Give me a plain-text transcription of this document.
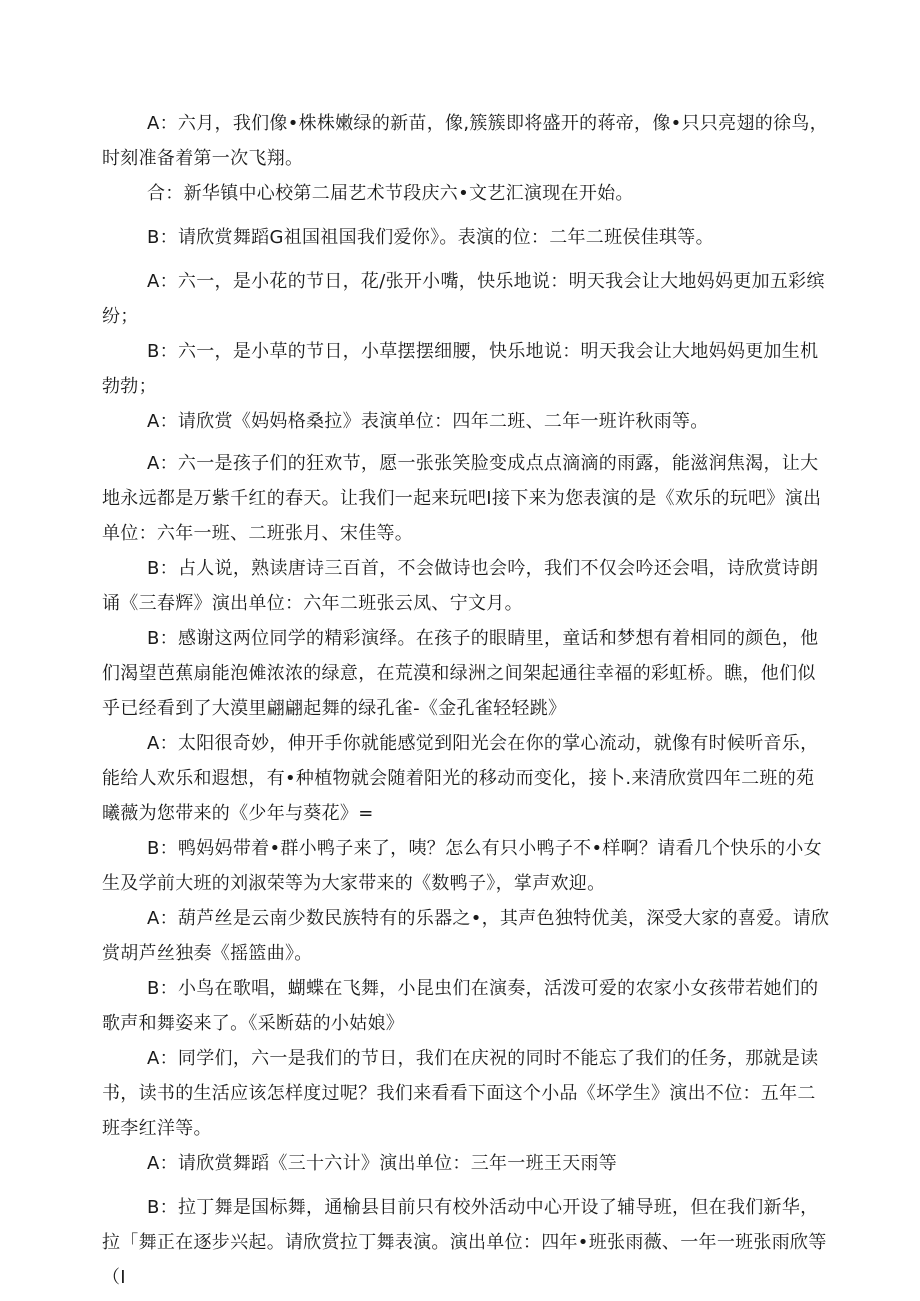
A：六月，我们像•株株嫩绿的新苗，像,簇簇即将盛开的蒋帝，像•只只亮翅的徐鸟，时刻准备着第一次飞翔。

合：新华镇中心校第二届艺术节段庆六•文艺汇演现在开始。

B：请欣赏舞蹈G祖国祖国我们爱你》。表演的位：二年二班侯佳琪等。

A：六一，是小花的节日，花/张开小嘴，快乐地说：明天我会让大地妈妈更加五彩缤纷；

B：六一，是小草的节日，小草摆摆细腰，快乐地说：明天我会让大地妈妈更加生机勃勃；

A：请欣赏《妈妈格桑拉》表演单位：四年二班、二年一班许秋雨等。

A：六一是孩子们的狂欢节，愿一张张笑脸变成点点滴滴的雨露，能滋润焦渴，让大地永远都是万紫千红的春天。让我们一起来玩吧I接下来为您表演的是《欢乐的玩吧》演出单位：六年一班、二班张月、宋佳等。

B：占人说，熟读唐诗三百首，不会做诗也会吟，我们不仅会吟还会唱，诗欣赏诗朗诵《三春辉》演出单位：六年二班张云凤、宁文月。

B：感谢这两位同学的精彩演绎。在孩子的眼睛里，童话和梦想有着相同的颜色，他们渴望芭蕉扇能泡傩浓浓的绿意，在荒漠和绿洲之间架起通往幸福的彩虹桥。瞧，他们似乎已经看到了大漠里翩翩起舞的绿孔雀-《金孔雀轻轻跳》

A：太阳很奇妙，伸开手你就能感觉到阳光会在你的掌心流动，就像有时候听音乐，能给人欢乐和遐想，有•种植物就会随着阳光的移动而变化，接卜.来清欣赏四年二班的苑曦薇为您带来的《少年与葵花》=

B：鸭妈妈带着•群小鸭子来了，咦？怎么有只小鸭子不•样啊？请看几个快乐的小女生及学前大班的刘淑荣等为大家带来的《数鸭子》，掌声欢迎。

A：葫芦丝是云南少数民族特有的乐器之•，其声色独特优美，深受大家的喜爱。请欣赏胡芦丝独奏《摇篮曲》。

B：小鸟在歌唱，蝴蝶在飞舞，小昆虫们在演奏，活泼可爱的农家小女孩带若她们的歌声和舞姿来了。《采断菇的小姑娘》

A：同学们，六一是我们的节日，我们在庆祝的同时不能忘了我们的任务，那就是读书，读书的生活应该怎样度过呢？我们来看看下面这个小品《坏学生》演出不位：五年二班李红洋等。

A：请欣赏舞蹈《三十六计》演出单位：三年一班王天雨等

B：拉丁舞是国标舞，通榆县目前只有校外活动中心开设了辅导班，但在我们新华，拉「舞正在逐步兴起。请欣赏拉丁舞表演。演出单位：四年•班张雨薇、一年一班张雨欣等（I
